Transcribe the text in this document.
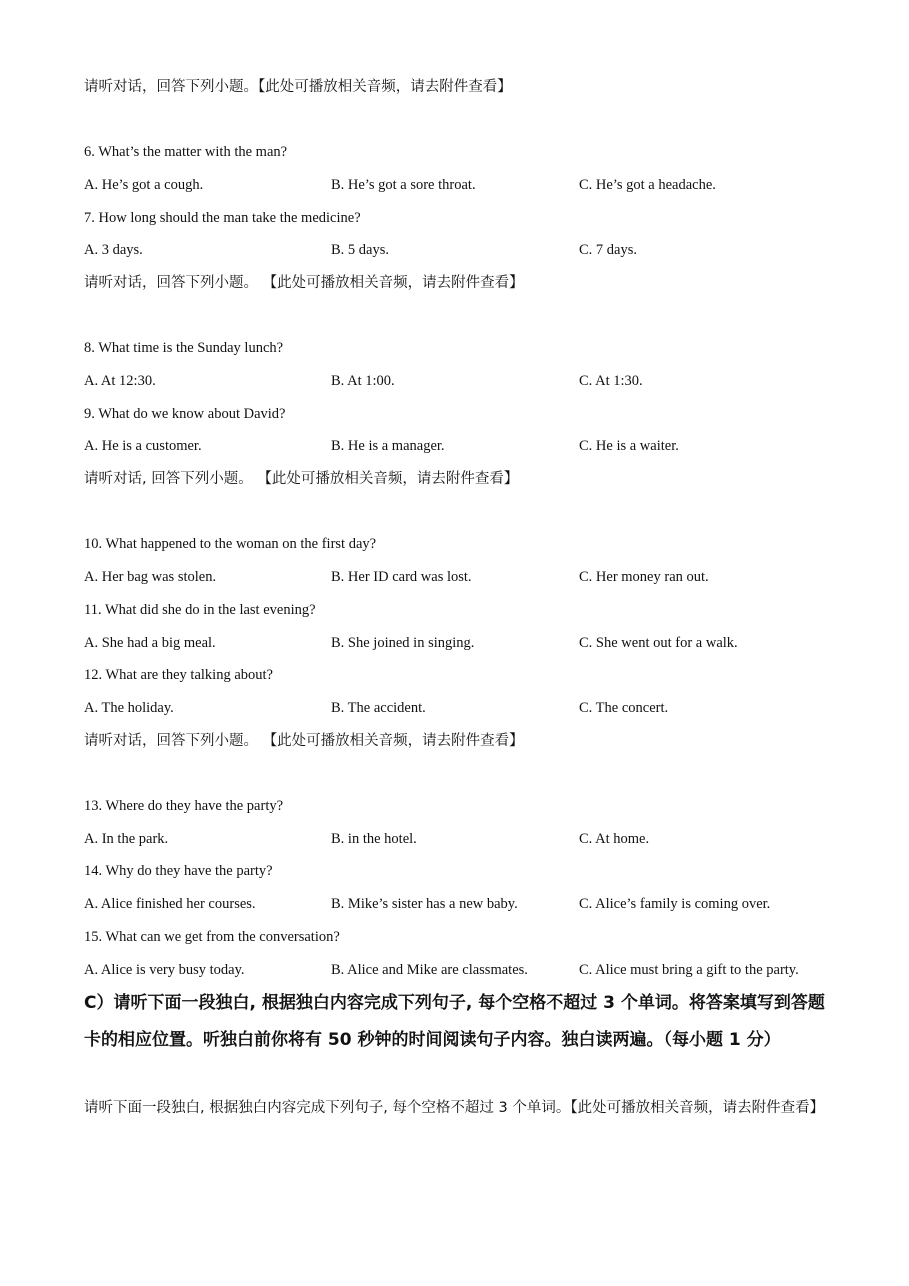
请听对话，回答下列小题。【此处可播放相关音频，请去附件查看】
6. What’s the matter with the man?
A. He’s got a cough.	B. He’s got a sore throat.	C. He’s got a headache.
7. How long should the man take the medicine?
A. 3 days.	B. 5 days.	C. 7 days.
请听对话，回答下列小题。 【此处可播放相关音频，请去附件查看】
8. What time is the Sunday lunch?
A. At 12:30.	B. At 1:00.	C. At 1:30.
9. What do we know about David?
A. He is a customer.	B. He is a manager.	C. He is a waiter.
请听对话, 回答下列小题。 【此处可播放相关音频，请去附件查看】
10. What happened to the woman on the first day?
A. Her bag was stolen.	B. Her ID card was lost.	C. Her money ran out.
11. What did she do in the last evening?
A. She had a big meal.	B. She joined in singing.	C. She went out for a walk.
12. What are they talking about?
A. The holiday.	B. The accident.	C. The concert.
请听对话，回答下列小题。 【此处可播放相关音频，请去附件查看】
13. Where do they have the party?
A. In the park.	B. in the hotel.	C. At home.
14. Why do they have the party?
A. Alice finished her courses.	B. Mike’s sister has a new baby.	C. Alice’s family is coming over.
15. What can we get from the conversation?
A. Alice is very busy today.	B. Alice and Mike are classmates.	C. Alice must bring a gift to the party.
C）请听下面一段独白, 根据独白内容完成下列句子, 每个空格不超过 3 个单词。将答案填写到答题卡的相应位置。听独白前你将有 50 秒钟的时间阅读句子内容。独白读两遍。（每小题 1 分）
请听下面一段独白, 根据独白内容完成下列句子, 每个空格不超过 3 个单词。【此处可播放相关音频，请去附件查看】
